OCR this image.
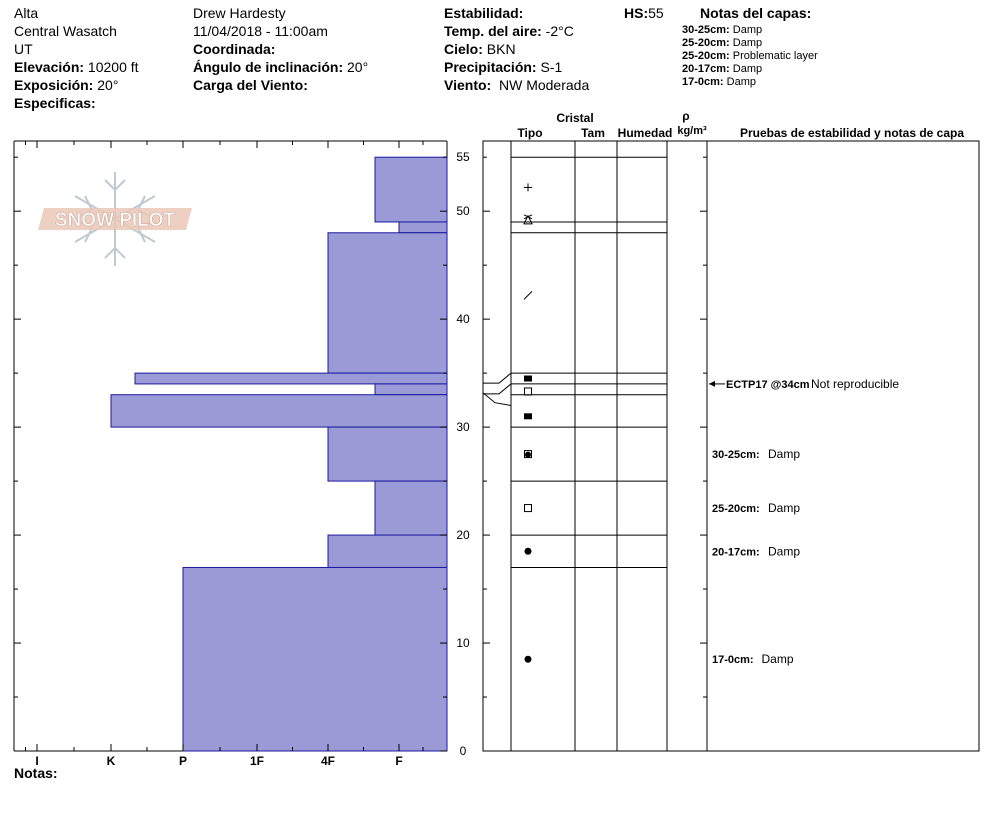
Alta
Central Wasatch
UT
Elevación: 10200 ft
Exposición: 20°
Especificas:
Drew Hardesty
11/04/2018 - 11:00am
Coordinada:
Ángulo de inclinación: 20°
Carga del Viento:
Estabilidad:
Temp. del aire: -2°C
Cielo: BKN
Precipitación: S-1
Viento: NW Moderada
HS:55	Notas del capas:
30-25cm: Damp
25-20cm: Damp
25-20cm: Problematic layer
20-17cm: Damp
17-0cm: Damp
SNOW PILOT
I	K	P	1F	4F	F
0
10
20
30
40
50
55
ECTP17 @34cm Not reproducible
30-25cm: Damp
25-20cm: Damp
20-17cm: Damp
17-0cm: Damp
Cristal
Tipo	Tam Humedad
ρ
kg/m³	Pruebas de estabilidad y notas de capa
Notas:
